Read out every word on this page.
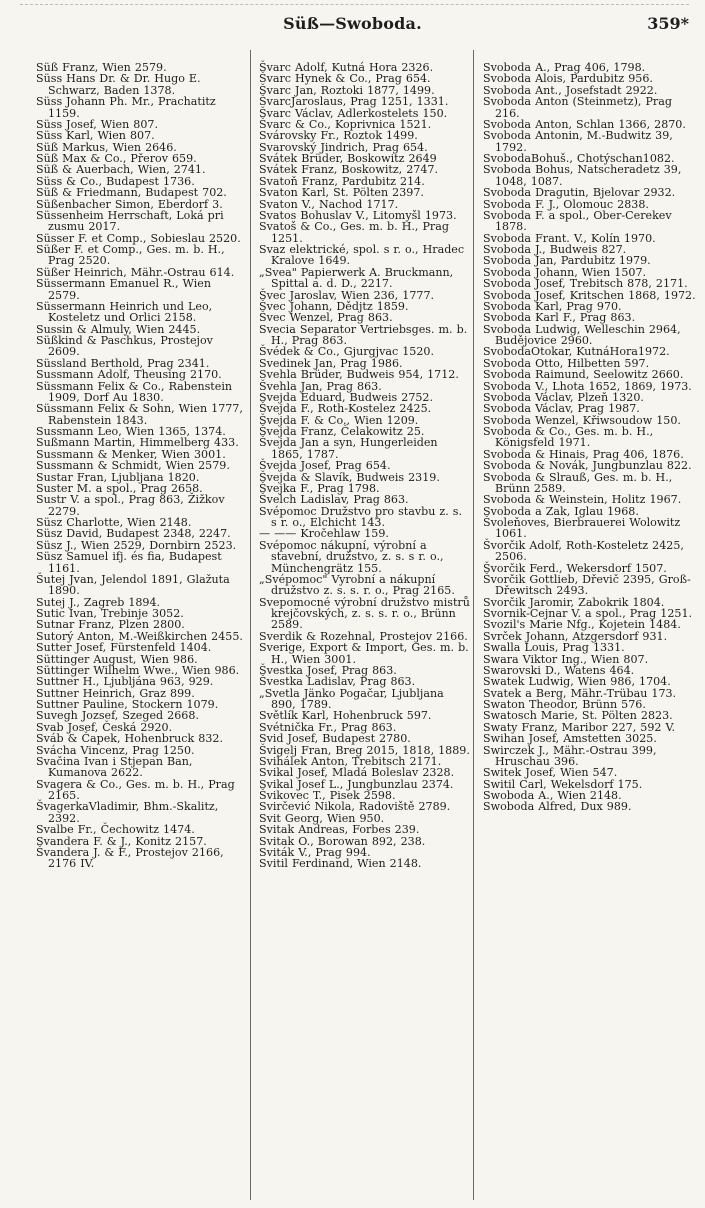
Süß—Swoboda.	359*
Süß Franz, Wien 2579.
Süss Hans Dr. & Dr. Hugo E. Schwarz, Baden 1378.
Süss Johann Ph. Mr., Prachatitz 1159.
Süss Josef, Wien 807.
Süss Karl, Wien 807.
Süß Markus, Wien 2646.
Süß Max & Co., Přerov 659.
Süß & Auerbach, Wien, 2741.
Süss & Co., Budapest 1736.
Süß & Friedmann, Budapest 702.
Süßenbacher Simon, Eberdorf 3.
Süssenheim Herrschaft, Loká pri zusmu 2017.
Süsser F. et Comp., Sobieslau 2520.
Süßer F. et Comp., Ges. m. b. H., Prag 2520.
Süßer Heinrich, Mähr.-Ostrau 614.
Süssermann Emanuel R., Wien 2579.
Süssermann Heinrich und Leo, Kosteletz und Orlici 2158.
Sussin & Almuly, Wien 2445.
Süßkind & Paschkus, Prostejov 2609.
Süssland Berthold, Prag 2341.
Sussmann Adolf, Theusing 2170.
Süssmann Felix & Co., Rabenstein 1909, Dorf Au 1830.
Süssmann Felix & Sohn, Wien 1777, Rabenstein 1843.
Sussmann Leo, Wien 1365, 1374.
Sußmann Martin, Himmelberg 433.
Sussmann & Menker, Wien 3001.
Sussmann & Schmidt, Wien 2579.
Sustar Fran, Ljubljana 1820.
Suster M. a spol., Prag 2658.
Sustr V. a spol., Prag 863, Žižkov 2279.
Süsz Charlotte, Wien 2148.
Süsz David, Budapest 2348, 2247.
Süsz J., Wien 2529, Dornbirn 2523.
Süsz Samuel ifj. és fia, Budapest 1161.
Šutej Jvan, Jelendol 1891, Glažuta 1890.
Sutej J., Zagreb 1894.
Sutic Ivan, Trebinje 3052.
Sutnar Franz, Plzen 2800.
Sutorý Anton, M.-Weißkirchen 2455.
Sutter Josef, Fürstenfeld 1404.
Süttinger August, Wien 986.
Süttinger Wilhelm Wwe., Wien 986.
Suttner H., Ljubljána 963, 929.
Suttner Heinrich, Graz 899.
Suttner Pauline, Stockern 1079.
Suvegh Jozsef, Szeged 2668.
Svab Josef, Česká 2920.
Sváb & Čapek, Hohenbruck 832.
Svácha Vincenz, Prag 1250.
Svačina Ivan i Stjepan Ban, Kumanova 2622.
Svagera & Co., Ges. m. b. H., Prag 2165.
ŠvagerkaVladimir, Bhm.-Skalitz, 2392.
Svalbe Fr., Čechowitz 1474.
Svandera F. & J., Konitz 2157.
Švandera J. & F., Prostejov 2166, 2176 IV.
Švarc Adolf, Kutná Hora 2326.
Švarc Hynek & Co., Prag 654.
Švarc Jan, Roztoki 1877, 1499.
ŠvarcJaroslaus, Prag 1251, 1331.
Švarc Václav, Adlerkostelets 150.
Švarc & Co., Koprivnica 1521.
Svárovsky Fr., Roztok 1499.
Svarovský Jindrich, Prag 654.
Svátek Brüder, Boskowitz 2649
Svátek Franz, Boskowitz, 2747.
Svatoň Franz, Pardubitz 214.
Svaton Karl, St. Pölten 2397.
Svaton V., Nachod 1717.
Svatos Bohuslav V., Litomyšl 1973.
Svatoš & Co., Ges. m. b. H., Prag 1251.
Svaz elektrické, spol. s r. o., Hradec Kralove 1649.
„Svea" Papierwerk A. Bruckmann, Spittal a. d. D., 2217.
Švec Jaroslav, Wien 236, 1777.
Švec Johann, Dědjtz 1859.
Švec Wenzel, Prag 863.
Svecia Separator Vertriebsges. m. b. H., Prag 863.
Švédek & Co., Gjurgjvac 1520.
Svedinek Jan, Prag 1986.
Svehla Brüder, Budweis 954, 1712.
Švehla Jan, Prag 863.
Svejda Eduard, Budweis 2752.
Švejda F., Roth-Kostelez 2425.
Švejda F. & Co., Wien 1209.
Švejda Franz, Čelakowitz 25.
Švejda Jan a syn, Hungerleiden 1865, 1787.
Švejda Josef, Prag 654.
Švejda & Slavík, Budweis 2319.
Švejka F., Prag 1798.
Švelch Ladislav, Prag 863.
Svépomoc Družstvo pro stavbu z. s. s r. o., Elchicht 143.
— —— Kročehlaw 159.
Svépomoc nákupní, výrobní a stavební, družstvo, z. s. s r. o., Münchengrätz 155.
„Svépomoc" Vyrobní a nákupní družstvo z. s. s. r. o., Prag 2165.
Svepomocné výrobní družstvo mistrů krejčovských, z. s. s. r. o., Brünn 2589.
Sverdik & Rozehnal, Prostejov 2166.
Sverige, Export & Import, Ges. m. b. H., Wien 3001.
Švestka Josef, Prag 863.
Švestka Ladislav, Prag 863.
„Svetla Jänko Pogačar, Ljubljana 890, 1789.
Světlík Karl, Hohenbruck 597.
Svétnička Fr., Prag 863.
Svid Josef, Budapest 2780.
Švigelj Fran, Breg 2015, 1818, 1889.
Svihálek Anton, Trebitsch 2171.
Svikal Josef, Mladá Boleslav 2328.
Svikal Josef L., Jungbunzlau 2374.
Švikovec T., Pisek 2598.
Svirčević Nikola, Radoviště 2789.
Svit Georg, Wien 950.
Svitak Andreas, Forbes 239.
Svitak O., Borowan 892, 238.
Sviták V., Prag 994.
Svitil Ferdinand, Wien 2148.
Svoboda A., Prag 406, 1798.
Svoboda Alois, Pardubitz 956.
Svoboda Ant., Josefstadt 2922.
Svoboda Anton (Steinmetz), Prag 216.
Svoboda Anton, Schlan 1366, 2870.
Svoboda Antonin, M.-Budwitz 39, 1792.
SvobodaBohuš., Chotýschan1082.
Svoboda Bohus, Natscheradetz 39, 1048, 1087.
Svoboda Dragutin, Bjelovar 2932.
Svoboda F. J., Olomouc 2838.
Svoboda F. a spol., Ober-Cerekev 1878.
Svoboda Frant. V., Kolín 1970.
Svoboda J., Budweis 827.
Svoboda Jan, Pardubitz 1979.
Svoboda Johann, Wien 1507.
Svoboda Josef, Trebitsch 878, 2171.
Svoboda Josef, Kritschen 1868, 1972.
Svoboda Karl, Prag 970.
Svoboda Karl F., Prag 863.
Svoboda Ludwig, Welleschin 2964, Budějovice 2960.
SvobodaOtokar, KutnáHora1972.
Svoboda Otto, Hilbetten 597.
Svoboda Raimund, Seelowitz 2660.
Svoboda V., Lhota 1652, 1869, 1973.
Svoboda Václav, Plzeň 1320.
Svoboda Václav, Prag 1987.
Svoboda Wenzel, Křiwsoudow 150.
Svoboda & Co., Ges. m. b. H., Königsfeld 1971.
Svoboda & Hinais, Prag 406, 1876.
Svoboda & Novák, Jungbunzlau 822.
Svoboda & Slrauß, Ges. m. b. H., Brünn 2589.
Svoboda & Weinstein, Holitz 1967.
Svoboda a Zak, Iglau 1968.
Švoleňoves, Bierbrauerei Wolowitz 1061.
Švorčik Adolf, Roth-Kosteletz 2425, 2506.
Švorčik Ferd., Wekersdorf 1507.
Švorčik Gottlieb, Dřevič 2395, Groß-Dřewitsch 2493.
Svorčik Jaromir, Zabokrik 1804.
Svornik-Cejnar V. a spol., Prag 1251.
Svozil's Marie Nfg., Kojetein 1484.
Svrček Johann, Atzgersdorf 931.
Swalla Louis, Prag 1331.
Swara Viktor Ing., Wien 807.
Swarovski D., Watens 464.
Swatek Ludwig, Wien 986, 1704.
Svatek a Berg, Mähr.-Trübau 173.
Swaton Theodor, Brünn 576.
Swatosch Marie, St. Pölten 2823.
Swaty Franz, Maribor 227, 592 V.
Swihan Josef, Amstetten 3025.
Swirczek J., Mähr.-Ostrau 399, Hruschau 396.
Switek Josef, Wien 547.
Switil Carl, Wekelsdorf 175.
Swoboda A., Wien 2148.
Swoboda Alfred, Dux 989.
